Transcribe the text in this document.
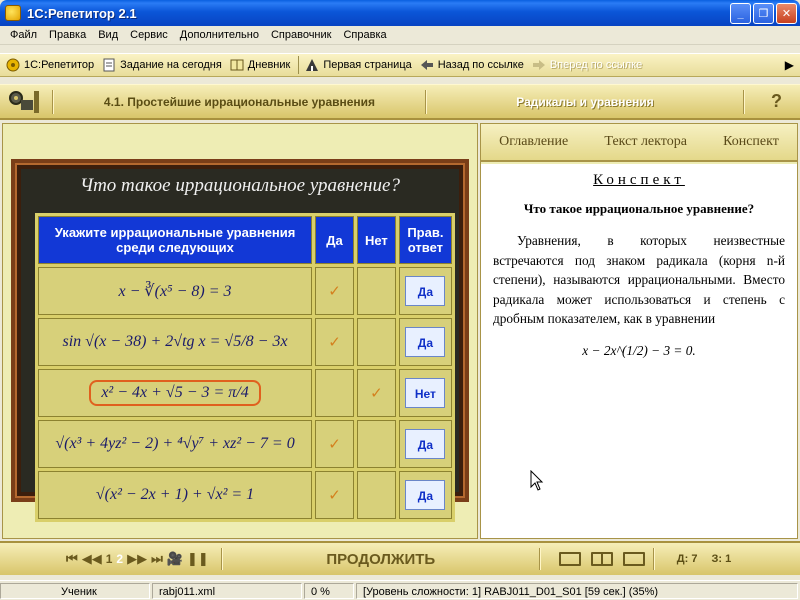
1С:Репетитор 2.1	_	❐	✕
Файл	Правка	Вид	Сервис	Дополнительно	Справочник	Справка
1С:Репетитор Задание на сегодня Дневник	Первая страница Назад по ссылке Вперед по ссылке	▶
4.1. Простейшие иррациональные уравнения	Радикалы и уравнения	?
Что такое иррациональное уравнение?
Укажите иррациональные уравнения среди следующих	Да	Нет	Прав. ответ
x − ∛(x⁵ − 8) = 3	✓		Да
sin √(x − 38) + 2√tg x = √5/8 − 3x	✓		Да
x² − 4x + √5 − 3 = π/4		✓	Нет
√(x³ + 4yz² − 2) + ⁴√y⁷ + xz² − 7 = 0	✓		Да
√(x² − 2x + 1) + √x² = 1	✓		Да
Оглавление	Текст лектора	Конспект
Конспект
Что такое иррациональное уравнение?
Уравнения, в которых неизвестные встречаются под знаком радикала (корня n-й степени), называются иррациональными. Вместо радикала может использоваться и степень с дробным показателем, как в уравнении
x − 2x^(1/2) − 3 = 0.
⏮ ◀◀ 1 2 ▶▶ ⏭ 🎥 ❚❚	ПРОДОЛЖИТЬ	Д: 7 З: 1
Ученик	rabj011.xml	0 %	[Уровень сложности: 1] RABJ011_D01_S01 [59 сек.] (35%)
